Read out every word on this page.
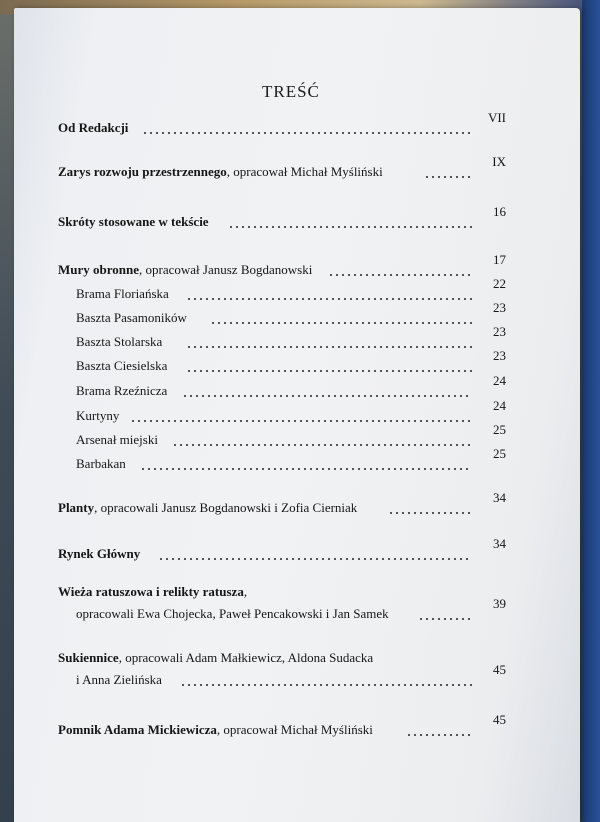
TREŚĆ
Od Redakcji
VII
Zarys rozwoju przestrzennego, opracował Michał Myśliński
IX
Skróty stosowane w tekście
16
Mury obronne, opracował Janusz Bogdanowski
17
Brama Floriańska
22
Baszta Pasamoników
23
Baszta Stolarska
23
Baszta Ciesielska
23
Brama Rzeźnicza
24
Kurtyny
24
Arsenał miejski
25
Barbakan
25
Planty, opracowali Janusz Bogdanowski i Zofia Cierniak
34
Rynek Główny
34
Wieża ratuszowa i relikty ratusza,
opracowali Ewa Chojecka, Paweł Pencakowski i Jan Samek
39
Sukiennice, opracowali Adam Małkiewicz, Aldona Sudacka
i Anna Zielińska
45
Pomnik Adama Mickiewicza, opracował Michał Myśliński
45
